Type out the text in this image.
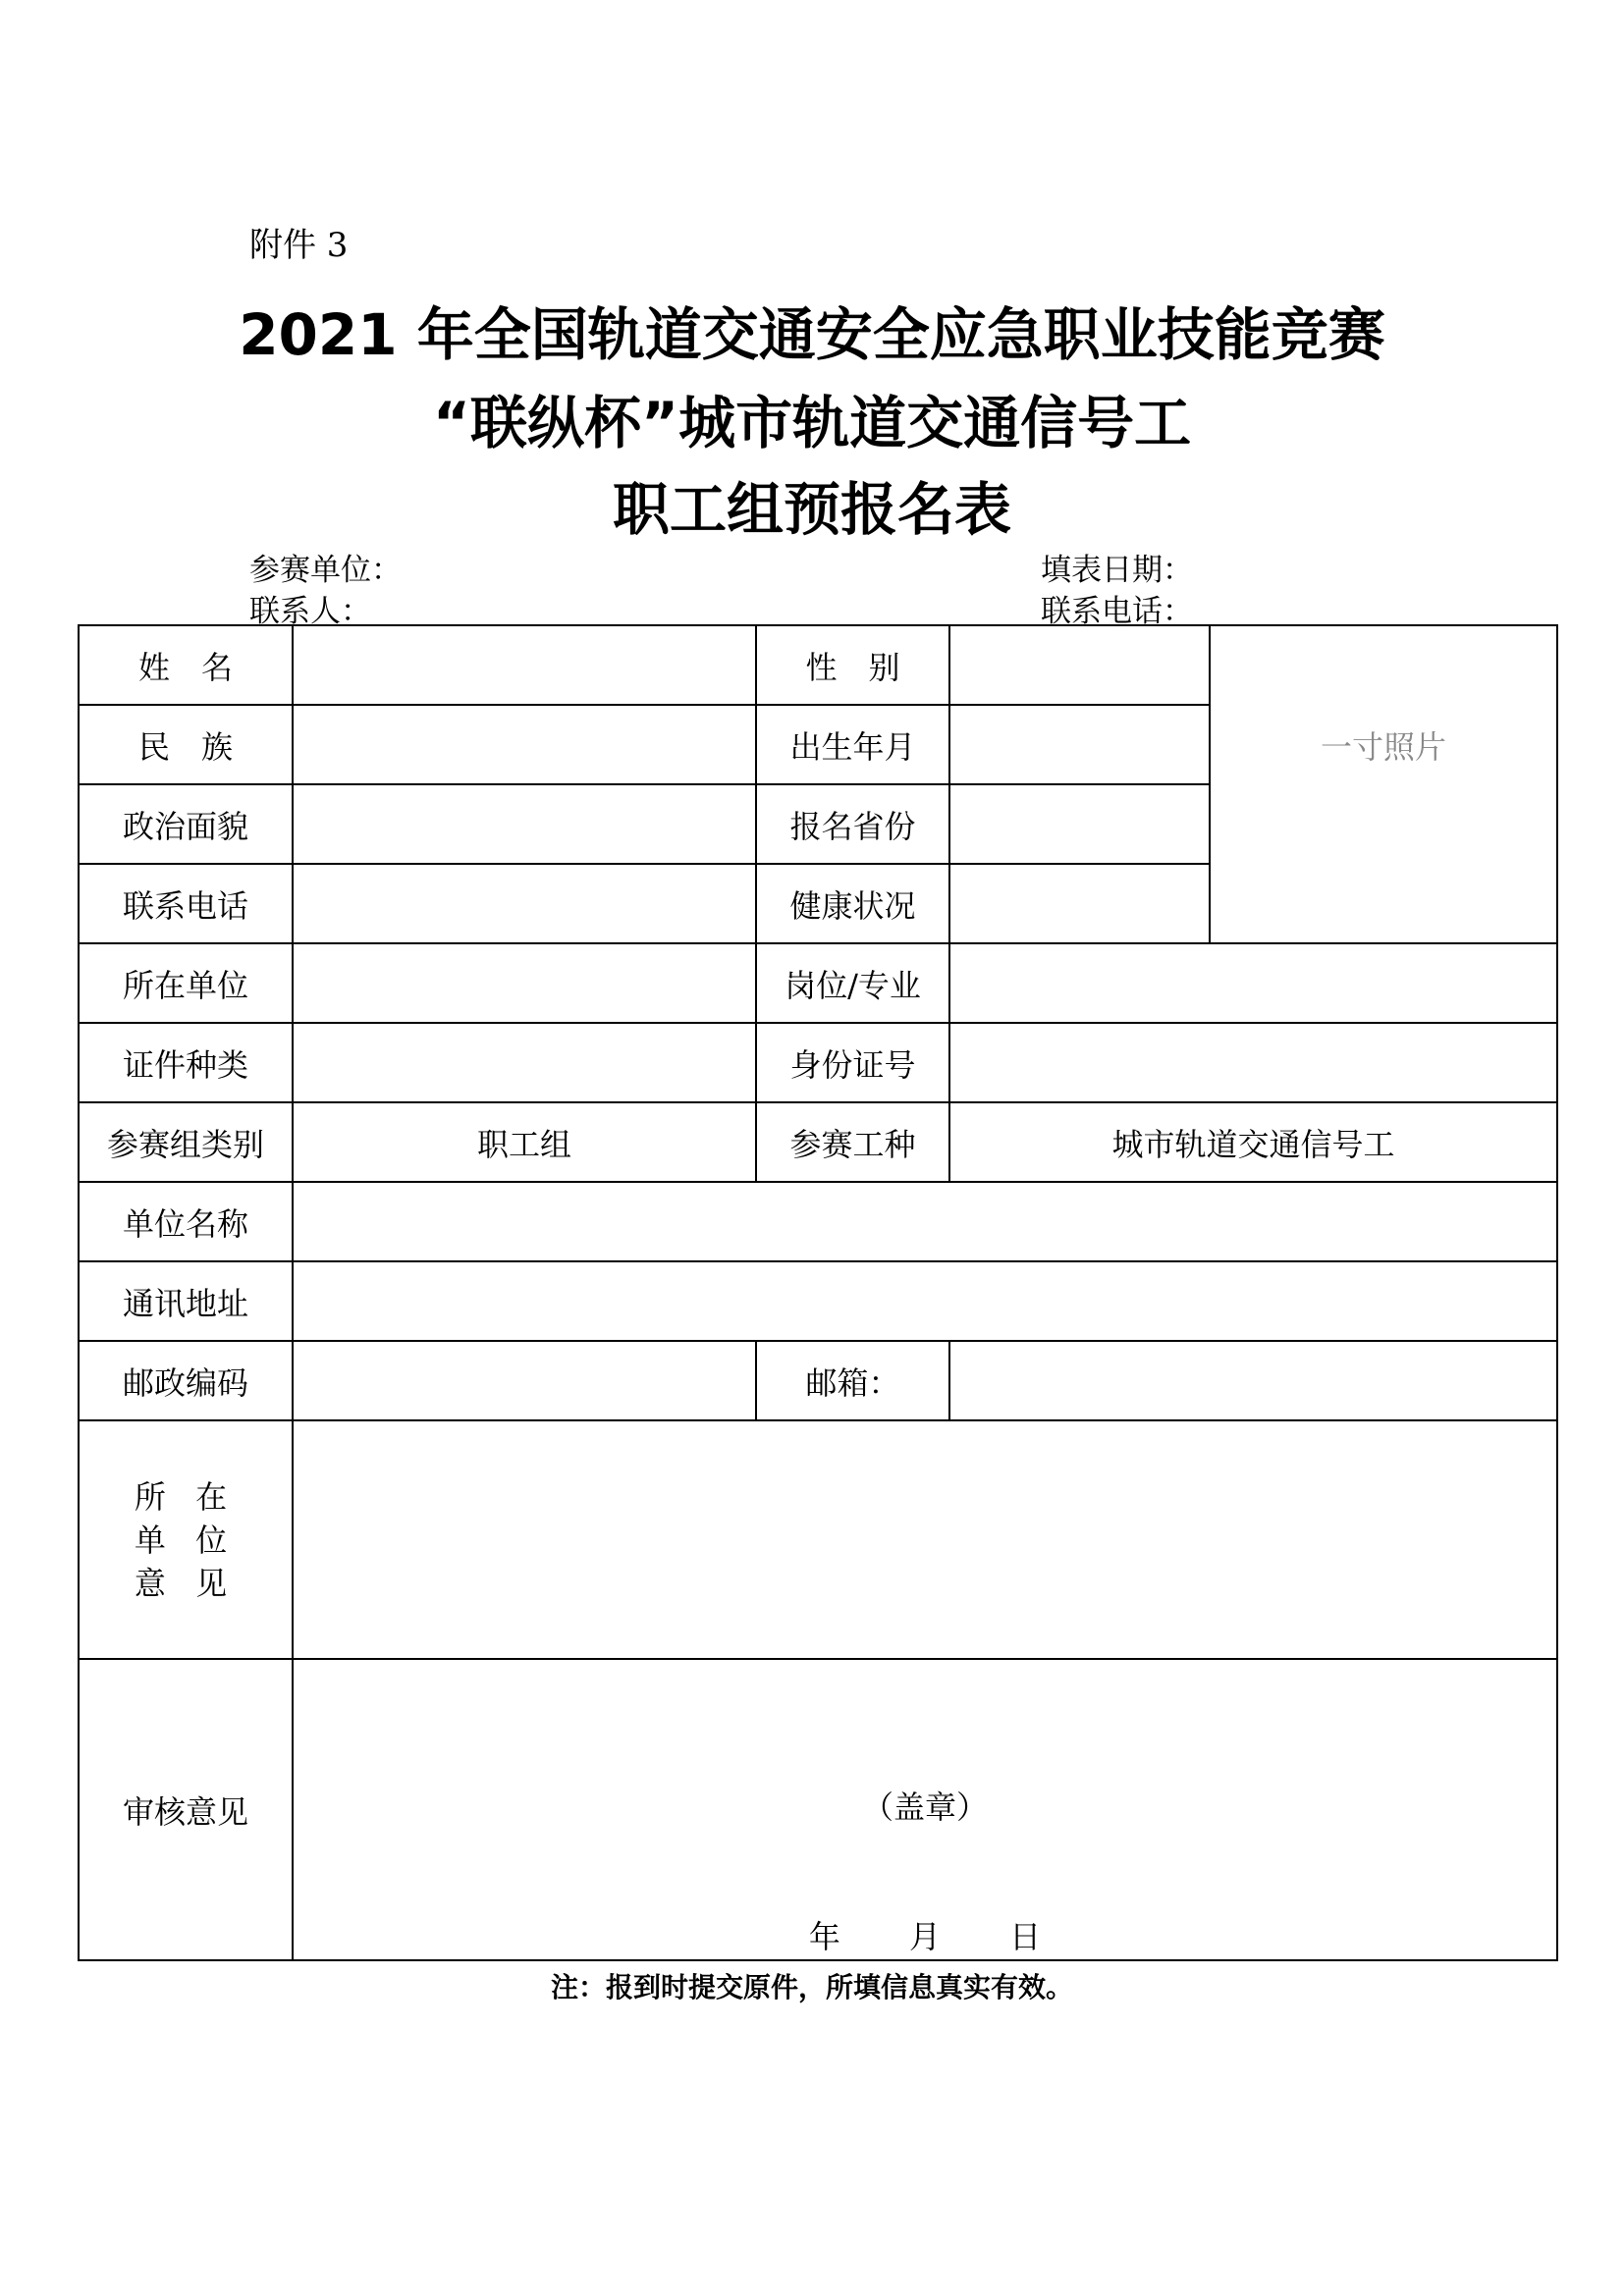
附件 3
2021 年全国轨道交通安全应急职业技能竞赛
“联纵杯”城市轨道交通信号工
职工组预报名表
参赛单位：	填表日期：
联系人：	联系电话：
姓　名		性　别		一寸照片
民　族		出生年月		
政治面貌		报名省份		
联系电话		健康状况		
所在单位		岗位/专业		
证件种类		身份证号		
参赛组类别	职工组	参赛工种	城市轨道交通信号工	
单位名称				
通讯地址				
邮政编码		邮箱：		

所 在
单 位
意 见				

审核意见	（盖章）
年 月 日			
注：报到时提交原件，所填信息真实有效。
